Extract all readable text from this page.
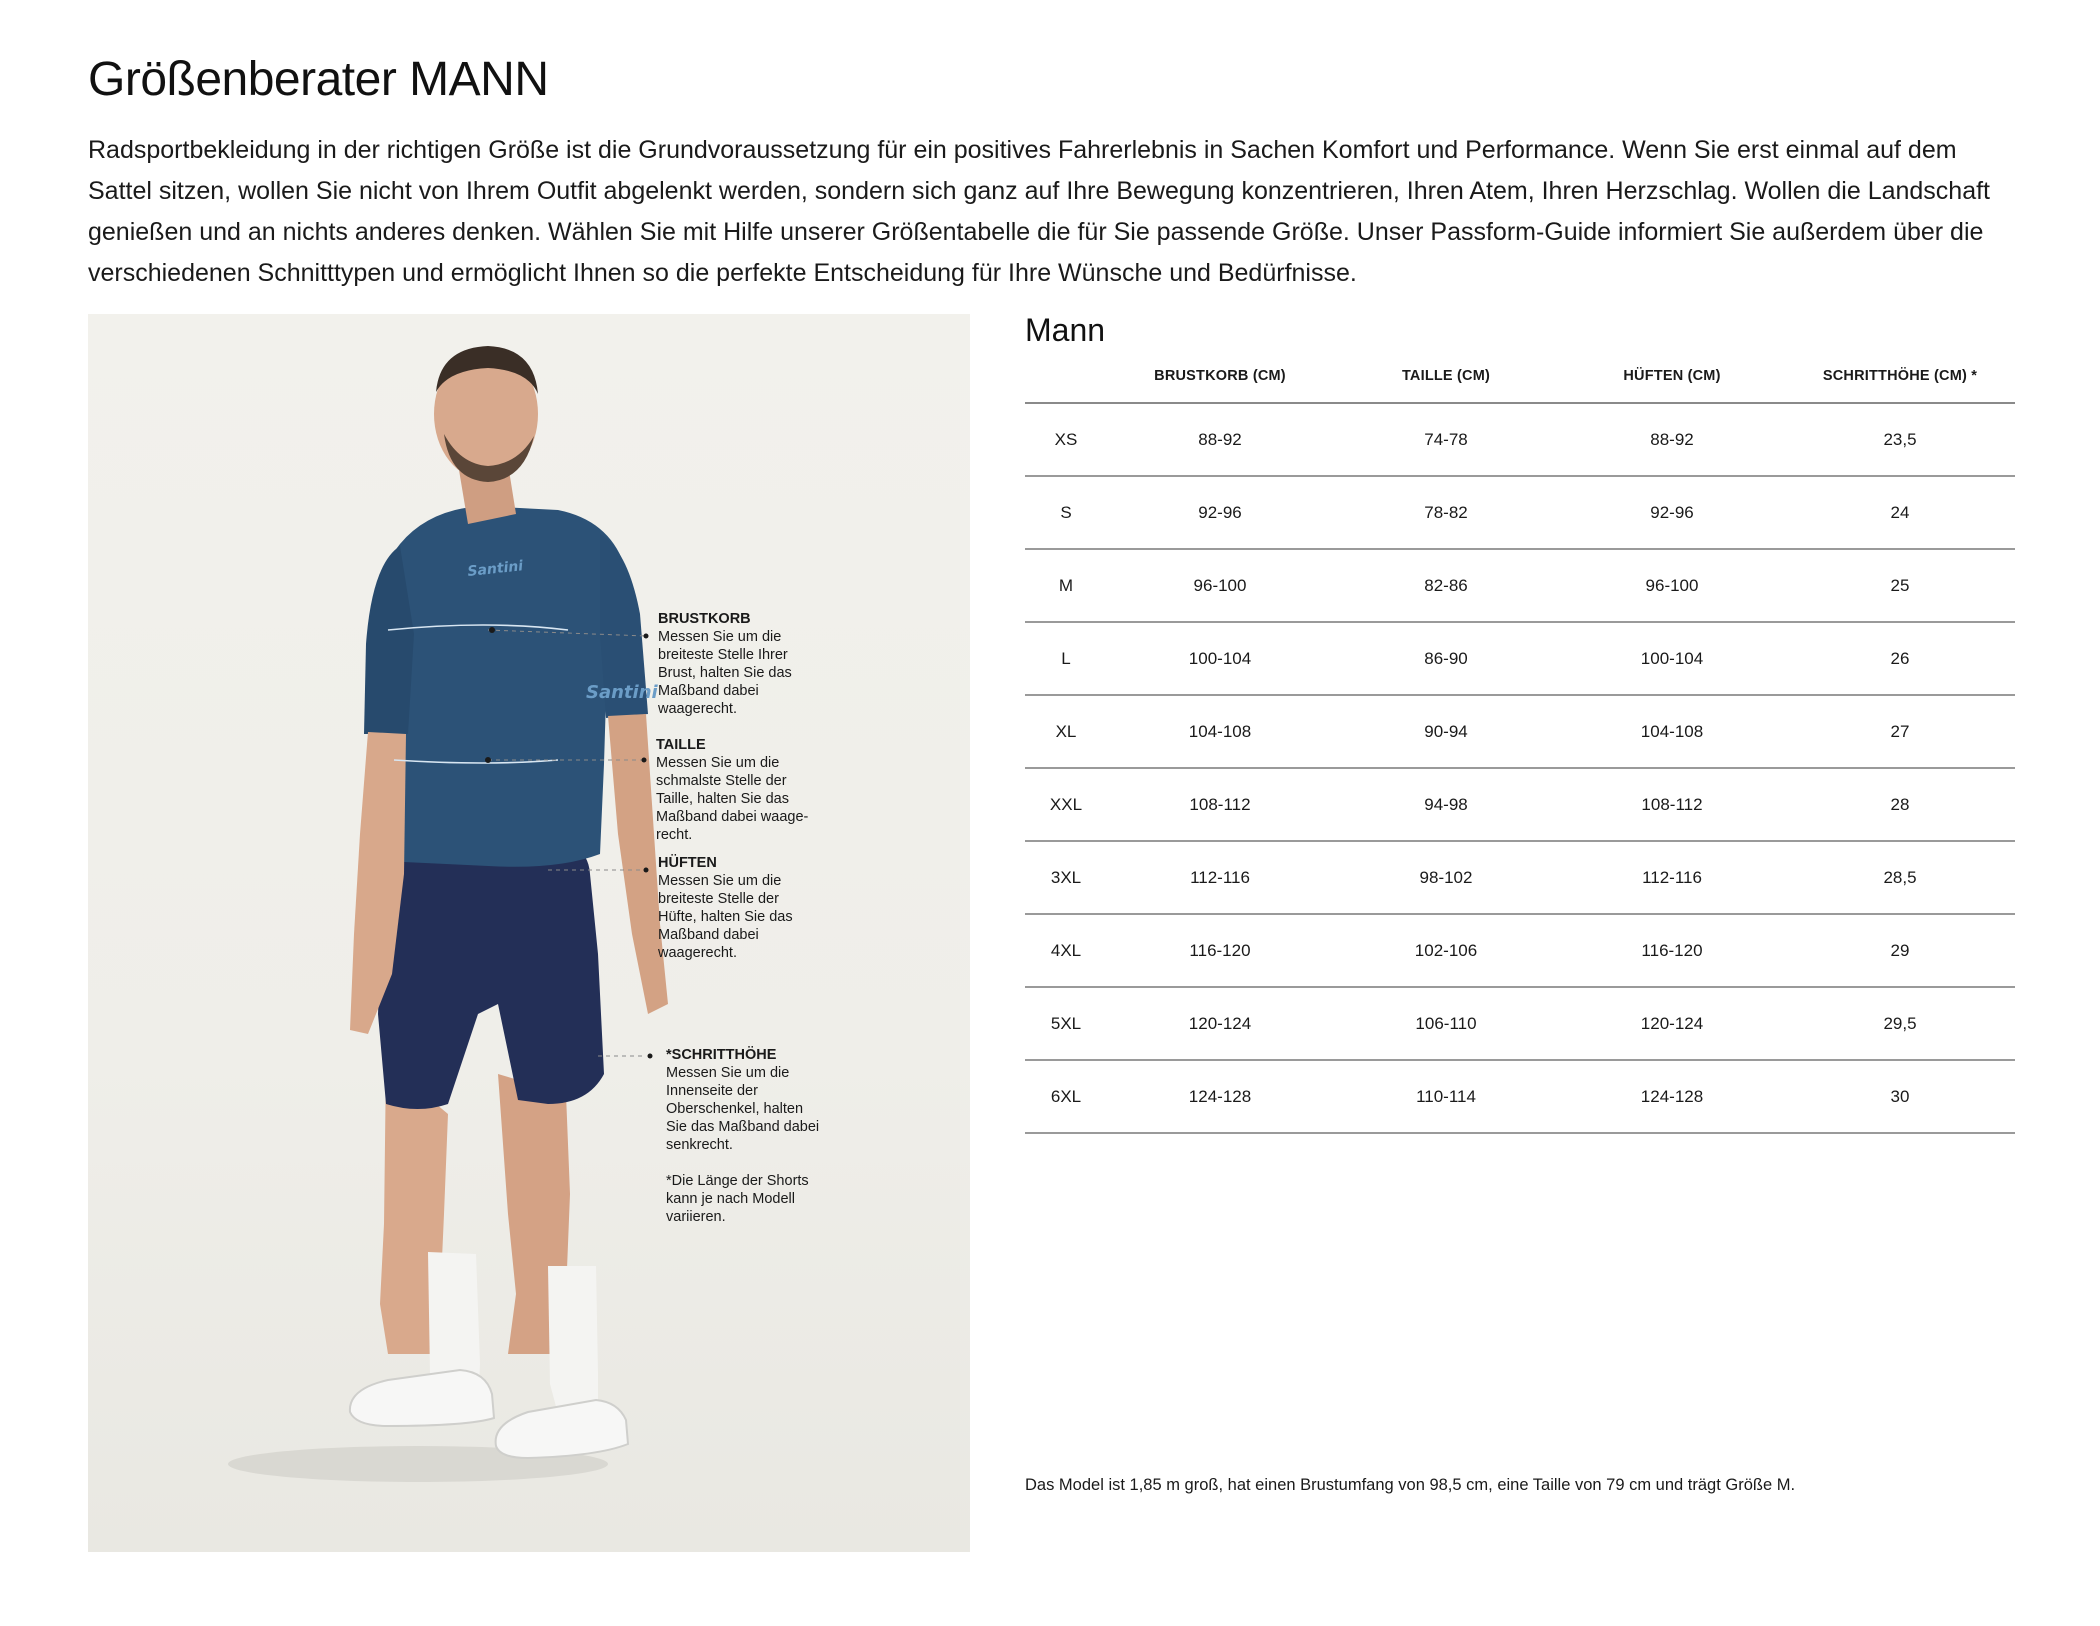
Größenberater MANN

Radsportbekleidung in der richtigen Größe ist die Grundvoraussetzung für ein positives Fahrerlebnis in Sachen Komfort und Performance. Wenn Sie erst einmal auf dem Sattel sitzen, wollen Sie nicht von Ihrem Outfit abgelenkt werden, sondern sich ganz auf Ihre Bewegung konzentrieren, Ihren Atem, Ihren Herzschlag. Wollen die Landschaft genießen und an nichts anderes denken. Wählen Sie mit Hilfe unserer Größentabelle die für Sie passende Größe. Unser Passform-Guide informiert Sie außerdem über die verschiedenen Schnitttypen und ermöglicht Ihnen so die perfekte Entscheidung für Ihre Wünsche und Bedürfnisse.

Santini
Santini
BRUSTKORB
Messen Sie um die breiteste Stelle Ihrer Brust, halten Sie das Maßband dabei waagerecht.
TAILLE
Messen Sie um die schmalste Stelle der Taille, halten Sie das Maßband dabei waage-recht.
HÜFTEN
Messen Sie um die breiteste Stelle der Hüfte, halten Sie das Maßband dabei waagerecht.
*SCHRITTHÖHE
Messen Sie um die Innenseite der Oberschenkel, halten Sie das Maßband dabei senkrecht.
*Die Länge der Shorts kann je nach Modell variieren.
Mann
	BRUSTKORB (CM)	TAILLE (CM)	HÜFTEN (CM)	SCHRITTHÖHE (CM) *
XS	88-92	74-78	88-92	23,5
S	92-96	78-82	92-96	24
M	96-100	82-86	96-100	25
L	100-104	86-90	100-104	26
XL	104-108	90-94	104-108	27
XXL	108-112	94-98	108-112	28
3XL	112-116	98-102	112-116	28,5
4XL	116-120	102-106	116-120	29
5XL	120-124	106-110	120-124	29,5
6XL	124-128	110-114	124-128	30

Das Model ist 1,85 m groß, hat einen Brustumfang von 98,5 cm, eine Taille von 79 cm und trägt Größe M.
